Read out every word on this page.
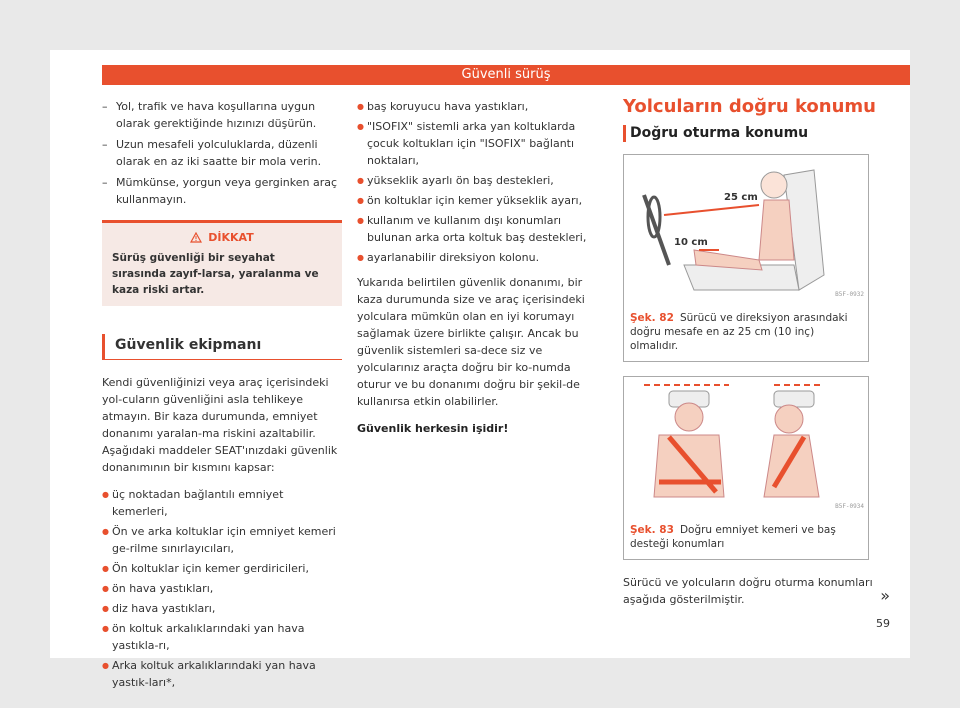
Güvenli sürüş
– Yol, trafik ve hava koşullarına uygun olarak gerektiğinde hızınızı düşürün.
– Uzun mesafeli yolculuklarda, düzenli olarak en az iki saatte bir mola verin.
– Mümkünse, yorgun veya gerginken araç kullanmayın.
DİKKAT
Sürüş güvenliği bir seyahat sırasında zayıf-larsa, yaralanma ve kaza riski artar.
Güvenlik ekipmanı
Kendi güvenliğinizi veya araç içerisindeki yol-cuların güvenliğini asla tehlikeye atmayın. Bir kaza durumunda, emniyet donanımı yaralan-ma riskini azaltabilir. Aşağıdaki maddeler SEAT'ınızdaki güvenlik donanımının bir kısmını kapsar:
● üç noktadan bağlantılı emniyet kemerleri,
● Ön ve arka koltuklar için emniyet kemeri ge-rilme sınırlayıcıları,
● Ön koltuklar için kemer gerdiricileri,
● ön hava yastıkları,
● diz hava yastıkları,
● ön koltuk arkalıklarındaki yan hava yastıkla-rı,
● Arka koltuk arkalıklarındaki yan hava yastık-ları*,
● baş koruyucu hava yastıkları,
● "ISOFIX" sistemli arka yan koltuklarda çocuk koltukları için "ISOFIX" bağlantı noktaları,
● yükseklik ayarlı ön baş destekleri,
● ön koltuklar için kemer yükseklik ayarı,
● kullanım ve kullanım dışı konumları bulunan arka orta koltuk baş destekleri,
● ayarlanabilir direksiyon kolonu.
Yukarıda belirtilen güvenlik donanımı, bir kaza durumunda size ve araç içerisindeki yolculara mümkün olan en iyi korumayı sağlamak üzere birlikte çalışır. Ancak bu güvenlik sistemleri sa-dece siz ve yolcularınız araçta doğru bir ko-numda oturur ve bu donanımı doğru bir şekil-de kullanırsa etkin olabilirler.
Güvenlik herkesin işidir!
Yolcuların doğru konumu
Doğru oturma konumu
25 cm
10 cm
B5F-0932
Şek. 82 Sürücü ve direksiyon arasındaki doğru mesafe en az 25 cm (10 inç) olmalıdır.
B5F-0934
Şek. 83 Doğru emniyet kemeri ve baş desteği konumları
Sürücü ve yolcuların doğru oturma konumları aşağıda gösterilmiştir.	»
59
